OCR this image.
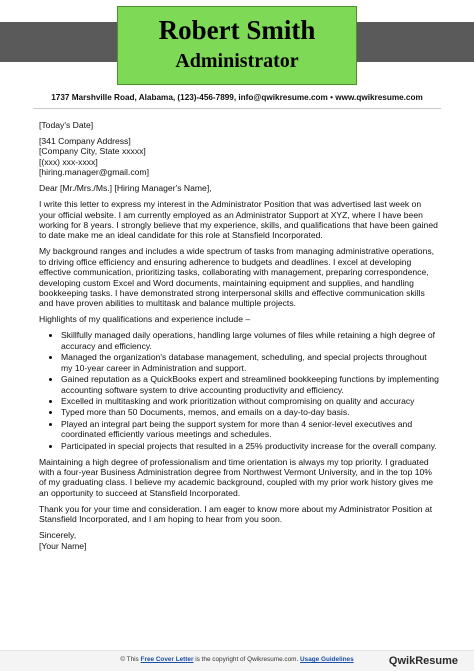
Robert Smith
Administrator
1737 Marshville Road, Alabama, (123)-456-7899, info@qwikresume.com • www.qwikresume.com

[Today's Date]

[341 Company Address]
[Company City, State xxxxx]
[(xxx) xxx-xxxx]
[hiring.manager@gmail.com]

Dear [Mr./Mrs./Ms.] [Hiring Manager's Name],

I write this letter to express my interest in the Administrator Position that was advertised last week on your official website. I am currently employed as an Administrator Support at XYZ, where I have been working for 8 years. I strongly believe that my experience, skills, and qualifications that have been gained to date make me an ideal candidate for this role at Stansfield Incorporated.

My background ranges and includes a wide spectrum of tasks from managing administrative operations, to driving office efficiency and ensuring adherence to budgets and deadlines. I excel at developing effective communication, prioritizing tasks, collaborating with management, preparing correspondence, developing custom Excel and Word documents, maintaining equipment and supplies, and handling bookkeeping tasks. I have demonstrated strong interpersonal skills and effective communication skills and have proven abilities to multitask and balance multiple projects.

Highlights of my qualifications and experience include –

• Skillfully managed daily operations, handling large volumes of files while retaining a high degree of accuracy and efficiency.
• Managed the organization's database management, scheduling, and special projects throughout my 10-year career in Administration and support.
• Gained reputation as a QuickBooks expert and streamlined bookkeeping functions by implementing accounting software system to drive accounting productivity and efficiency.
• Excelled in multitasking and work prioritization without compromising on quality and accuracy
• Typed more than 50 Documents, memos, and emails on a day-to-day basis.
• Played an integral part being the support system for more than 4 senior-level executives and coordinated efficiently various meetings and schedules.
• Participated in special projects that resulted in a 25% productivity increase for the overall company.

Maintaining a high degree of professionalism and time orientation is always my top priority. I graduated with a four-year Business Administration degree from Northwest Vermont University, and in the top 10% of my graduating class. I believe my academic background, coupled with my prior work history gives me an opportunity to succeed at Stansfield Incorporated.

Thank you for your time and consideration. I am eager to know more about my Administrator Position at Stansfield Incorporated, and I am hoping to hear from you soon.

Sincerely,
[Your Name]

© This Free Cover Letter is the copyright of Qwikresume.com. Usage Guidelines	QwikResume
